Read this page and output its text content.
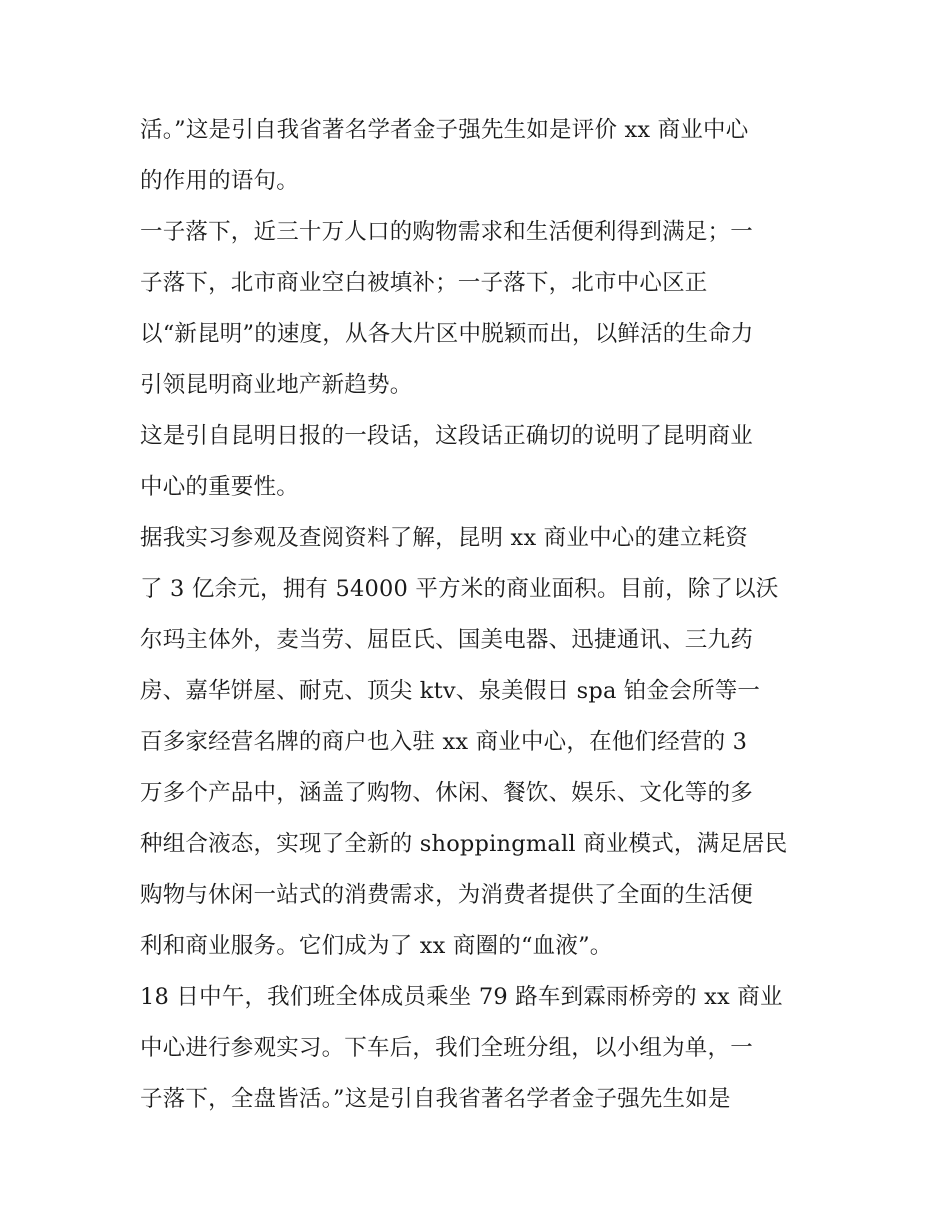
活。”这是引自我省著名学者金子强先生如是评价 xx 商业中心
的作用的语句。
一子落下，近三十万人口的购物需求和生活便利得到满足；一
子落下，北市商业空白被填补；一子落下，北市中心区正
以“新昆明”的速度，从各大片区中脱颖而出，以鲜活的生命力
引领昆明商业地产新趋势。
这是引自昆明日报的一段话，这段话正确切的说明了昆明商业
中心的重要性。
据我实习参观及查阅资料了解，昆明 xx 商业中心的建立耗资
了 3 亿余元，拥有 54000 平方米的商业面积。目前，除了以沃
尔玛主体外，麦当劳、屈臣氏、国美电器、迅捷通讯、三九药
房、嘉华饼屋、耐克、顶尖 ktv、泉美假日 spa 铂金会所等一
百多家经营名牌的商户也入驻 xx 商业中心，在他们经营的 3
万多个产品中，涵盖了购物、休闲、餐饮、娱乐、文化等的多
种组合液态，实现了全新的 shoppingmall 商业模式，满足居民
购物与休闲一站式的消费需求，为消费者提供了全面的生活便
利和商业服务。它们成为了 xx 商圈的“血液”。
18 日中午，我们班全体成员乘坐 79 路车到霖雨桥旁的 xx 商业
中心进行参观实习。下车后，我们全班分组，以小组为单，一
子落下，全盘皆活。”这是引自我省著名学者金子强先生如是
